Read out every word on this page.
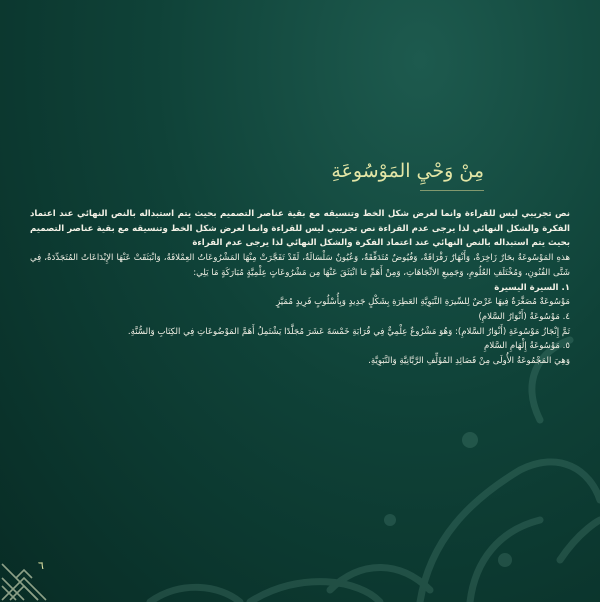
مِنْ وَحْيِ المَوْسُوعَةِ

نص تجريبي ليس للقراءة وانما لعرض شكل الخط وتنسيقه مع بقية عناصر التصميم بحيث يتم استبداله بالنص النهائي عند اعتماد الفكرة والشكل النهائي لذا يرجى عدم القراءة نص تجريبي ليس للقراءة وانما لعرض شكل الخط وتنسيقه مع بقية عناصر التصميم بحيث يتم استبداله بالنص النهائي عند اعتماد الفكرة والشكل النهائي لذا يرجى عدم القراءة

هذهِ المَوْسُوعَةُ بحَارٌ زَاخِرَةٌ، وَأَنْهَارٌ رَقْرَاقَةٌ، وَفُيُوضٌ مُتَدَفِّقَةٌ، وَعُيُونٌ سَلْسَالَةٌ، لَقَدْ تَفَجَّرَتْ مِنْهَا المَشْرُوعَاتُ العِمْلاقَةُ، وَانْبَثَقَتْ عَنْهَا الإِبْدَاعَاتُ المُتَجَدِّدَةُ، فِي شَتَّى الفُنُونِ، وَمُخْتَلَفِ العُلُومِ، وَجَمِيعِ الاتِّجَاهَاتِ، وَمِنْ أَهَمِّ مَا انْبَثَقَ عَنْهَا مِن مَشْرُوعَاتٍ عِلْمِيَّةٍ مُبَارَكَةٍ مَا يَلِي:

١. السيرة اليسيرة

مَوْسُوعَةٌ مُصَغَّرَةٌ فِيهَا عَرْضٌ لِلسِّيرَةِ النَّبَوِيَّةِ العَطِرَةِ بِشَكْلٍ جَدِيدٍ وَبِأُسْلُوبٍ فَرِيدٍ مُمَيَّزٍ

٤. مَوْسُوعَةُ (أَنْوَارُ السَّلامِ)

تَمَّ إِنْجَازُ مَوْسُوعَةِ (أَنْوَارُ السَّلامِ): وَهُوَ مَشْرُوعٌ عِلْمِيٌّ فِي قُرَابَةِ خَمْسَةَ عَشَرَ مُجَلَّدًا يَشْتَمِلُ أَهَمَّ المَوْضُوعَاتِ فِي الكِتَابِ وَالسُّنَّةِ.

٥. مَوْسُوعَةُ إِلْهَامِ السَّلامِ

وَهِيَ المَجْمُوعَةُ الأُولَى مِنْ قَصَائِدِ المُؤَلِّفِ الرَّبَّانِيَّةِ وَالنَّبَوِيَّةِ.

٦
